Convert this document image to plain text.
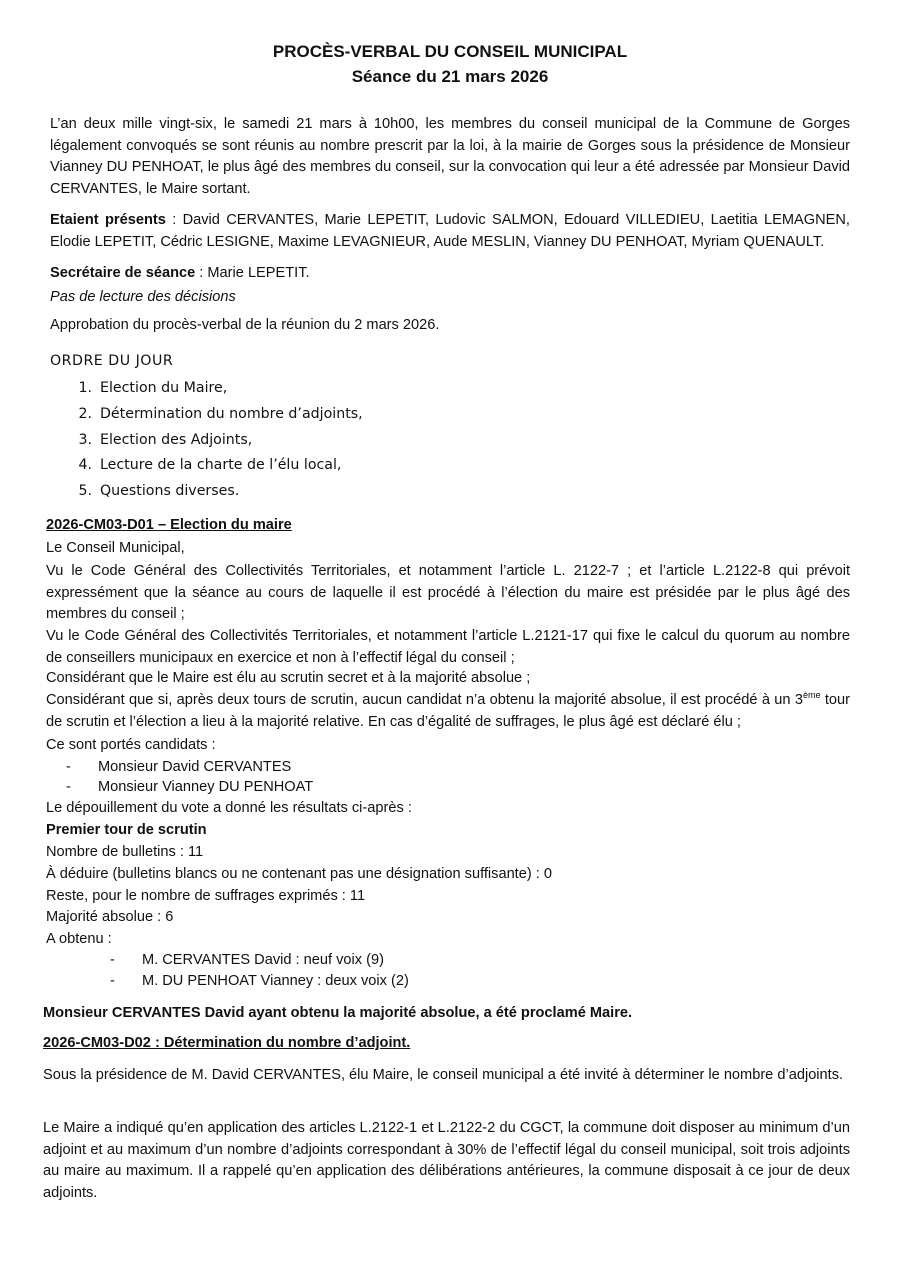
PROCÈS-VERBAL DU CONSEIL MUNICIPAL
Séance du 21 mars 2026
L’an deux mille vingt-six, le samedi 21 mars à 10h00, les membres du conseil municipal de la Commune de Gorges légalement convoqués se sont réunis au nombre prescrit par la loi, à la mairie de Gorges sous la présidence de Monsieur Vianney DU PENHOAT, le plus âgé des membres du conseil, sur la convocation qui leur a été adressée par Monsieur David CERVANTES, le Maire sortant.
Etaient présents : David CERVANTES, Marie LEPETIT, Ludovic SALMON, Edouard VILLEDIEU, Laetitia LEMAGNEN, Elodie LEPETIT, Cédric LESIGNE, Maxime LEVAGNIEUR, Aude MESLIN, Vianney DU PENHOAT, Myriam QUENAULT.
Secrétaire de séance : Marie LEPETIT.
Pas de lecture des décisions
Approbation du procès-verbal de la réunion du 2 mars 2026.
ORDRE DU JOUR
1. Election du Maire,
2. Détermination du nombre d’adjoints,
3. Election des Adjoints,
4. Lecture de la charte de l’élu local,
5. Questions diverses.
2026-CM03-D01 – Election du maire
Le Conseil Municipal,
Vu le Code Général des Collectivités Territoriales, et notamment l’article L. 2122-7 ; et l’article L.2122-8 qui prévoit expressément que la séance au cours de laquelle il est procédé à l’élection du maire est présidée par le plus âgé des membres du conseil ;
Vu le Code Général des Collectivités Territoriales, et notamment l’article L.2121-17 qui fixe le calcul du quorum au nombre de conseillers municipaux en exercice et non à l’effectif légal du conseil ;
Considérant que le Maire est élu au scrutin secret et à la majorité absolue ;
Considérant que si, après deux tours de scrutin, aucun candidat n’a obtenu la majorité absolue, il est procédé à un 3ème tour de scrutin et l’élection a lieu à la majorité relative. En cas d’égalité de suffrages, le plus âgé est déclaré élu ;
Ce sont portés candidats :
- Monsieur David CERVANTES
- Monsieur Vianney DU PENHOAT
Le dépouillement du vote a donné les résultats ci-après :
Premier tour de scrutin
Nombre de bulletins : 11
À déduire (bulletins blancs ou ne contenant pas une désignation suffisante) : 0
Reste, pour le nombre de suffrages exprimés : 11
Majorité absolue : 6
A obtenu :
- M. CERVANTES David : neuf voix (9)
- M. DU PENHOAT Vianney : deux voix (2)
Monsieur CERVANTES David ayant obtenu la majorité absolue, a été proclamé Maire.
2026-CM03-D02 : Détermination du nombre d’adjoint.
Sous la présidence de M. David CERVANTES, élu Maire, le conseil municipal a été invité à déterminer le nombre d’adjoints.
Le Maire a indiqué qu’en application des articles L.2122-1 et L.2122-2 du CGCT, la commune doit disposer au minimum d’un adjoint et au maximum d’un nombre d’adjoints correspondant à 30% de l’effectif légal du conseil municipal, soit trois adjoints au maire au maximum. Il a rappelé qu’en application des délibérations antérieures, la commune disposait à ce jour de deux adjoints.
